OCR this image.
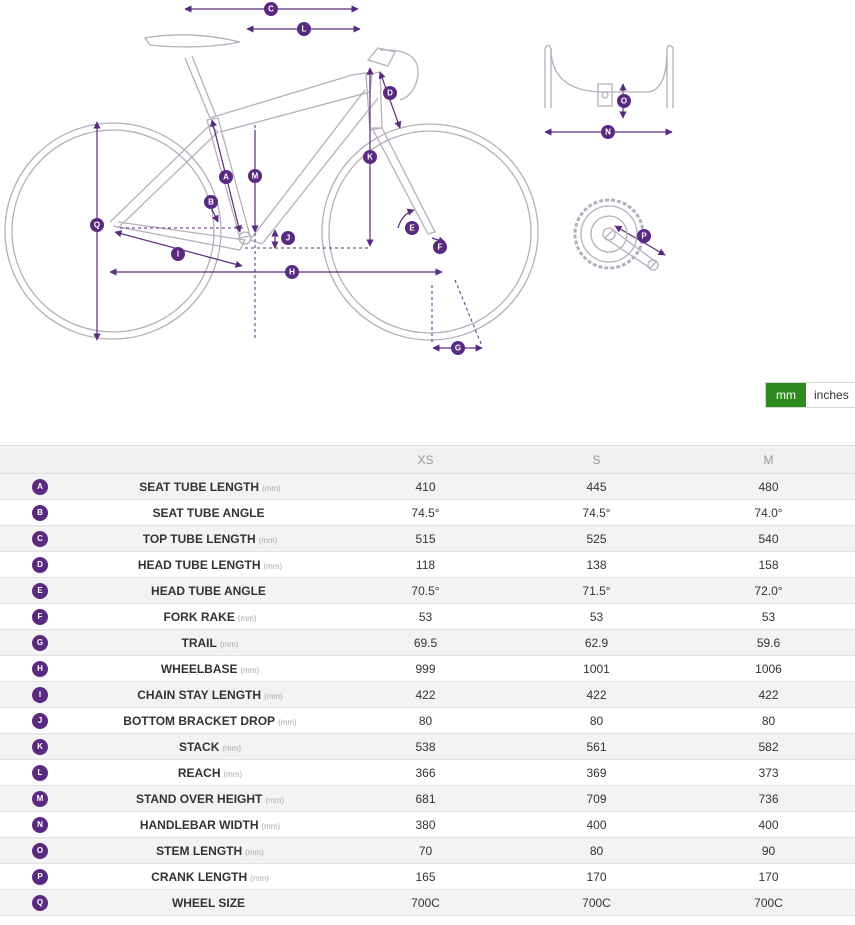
C
L
D
K
A	M
B
Q	E
J
F
I
H
G
O
N
P
mm	inches
		XS	S	M
A	SEAT TUBE LENGTH (mm)	410	445	480
B	SEAT TUBE ANGLE	74.5°	74.5°	74.0°
C	TOP TUBE LENGTH (mm)	515	525	540
D	HEAD TUBE LENGTH (mm)	118	138	158
E	HEAD TUBE ANGLE	70.5°	71.5°	72.0°
F	FORK RAKE (mm)	53	53	53
G	TRAIL (mm)	69.5	62.9	59.6
H	WHEELBASE (mm)	999	1001	1006
I	CHAIN STAY LENGTH (mm)	422	422	422
J	BOTTOM BRACKET DROP (mm)	80	80	80
K	STACK (mm)	538	561	582
L	REACH (mm)	366	369	373
M	STAND OVER HEIGHT (mm)	681	709	736
N	HANDLEBAR WIDTH (mm)	380	400	400
O	STEM LENGTH (mm)	70	80	90
P	CRANK LENGTH (mm)	165	170	170
Q	WHEEL SIZE	700C	700C	700C
